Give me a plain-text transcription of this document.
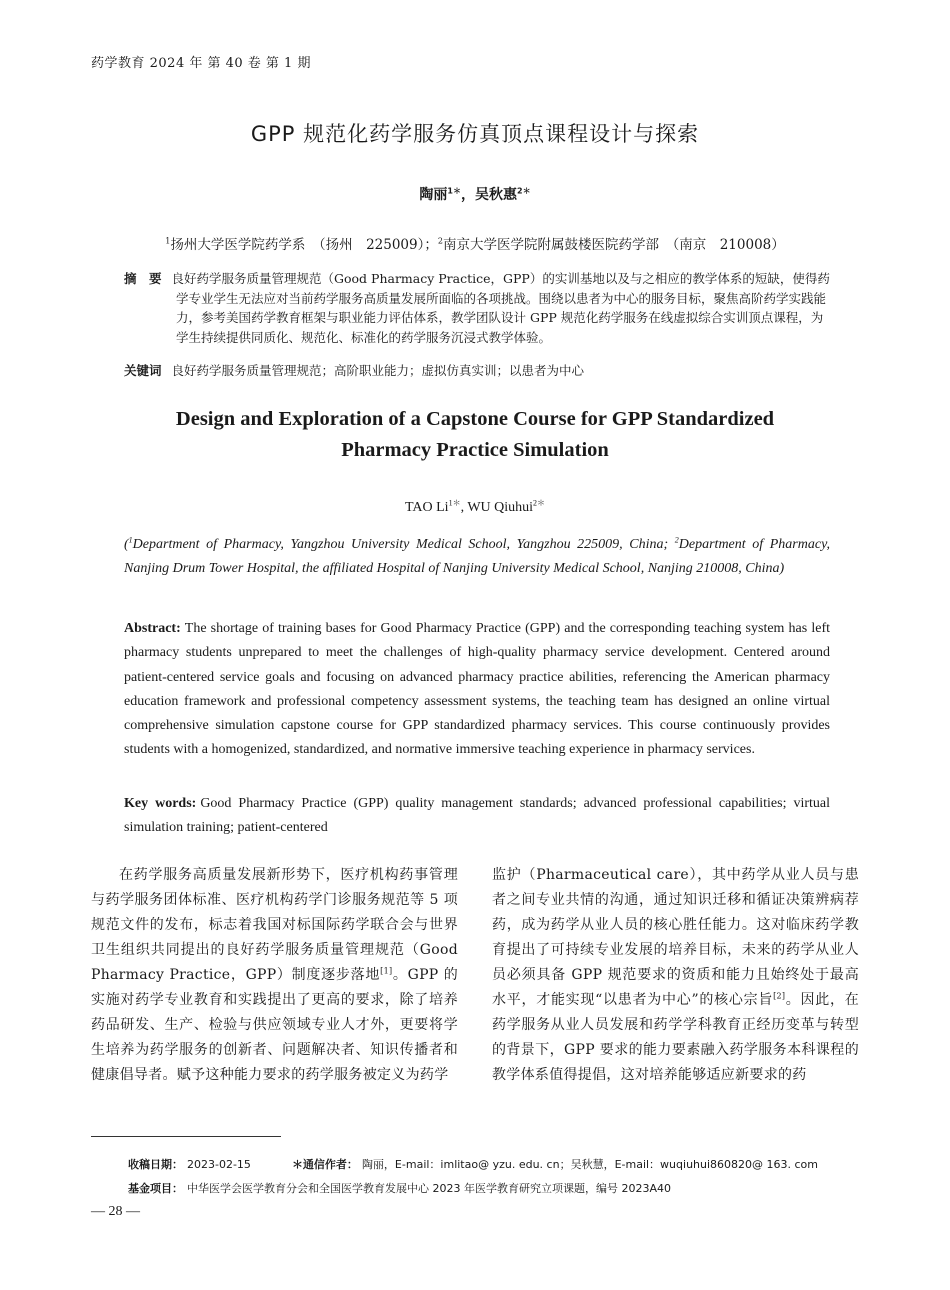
药学教育 2024 年 第 40 卷 第 1 期
GPP 规范化药学服务仿真顶点课程设计与探索
陶丽$^{1*}$，吴秋惠$^{2*}$
$^1$扬州大学医学院药学系　（扬州　225009）；$^2$南京大学医学院附属鼓楼医院药学部　（南京　210008）
摘　要 良好药学服务质量管理规范（Good Pharmacy Practice，GPP）的实训基地以及与之相应的教学体系的短缺，使得药学专业学生无法应对当前药学服务高质量发展所面临的各项挑战。围绕以患者为中心的服务目标，聚焦高阶药学实践能力，参考美国药学教育框架与职业能力评估体系，教学团队设计 GPP 规范化药学服务在线虚拟综合实训顶点课程，为学生持续提供同质化、规范化、标准化的药学服务沉浸式教学体验。
关键词 良好药学服务质量管理规范；高阶职业能力；虚拟仿真实训；以患者为中心
Design and Exploration of a Capstone Course for GPP Standardized
Pharmacy Practice Simulation
TAO $Li^{1*}$, WU Qiuhui$^{2*}$
($^1$Department of Pharmacy, Yangzhou University Medical School, Yangzhou 225009, China; $^2$Department of Pharmacy, Nanjing Drum Tower Hospital, the affiliated Hospital of Nanjing University Medical School, Nanjing 210008, China)
Abstract: The shortage of training bases for Good Pharmacy Practice (GPP) and the corresponding teaching system has left pharmacy students unprepared to meet the challenges of high-quality pharmacy service development. Centered around patient-centered service goals and focusing on advanced pharmacy practice abilities, referencing the American pharmacy education framework and professional competency assessment systems, the teaching team has designed an online virtual comprehensive simulation capstone course for GPP standardized pharmacy services. This course continuously provides students with a homogenized, standardized, and normative immersive teaching experience in pharmacy services.
Key words: Good Pharmacy Practice (GPP) quality management standards; advanced professional capabilities; virtual simulation training; patient-centered
在药学服务高质量发展新形势下，医疗机构药事管理与药学服务团体标准、医疗机构药学门诊服务规范等 5 项规范文件的发布，标志着我国对标国际药学联合会与世界卫生组织共同提出的良好药学服务质量管理规范（Good Pharmacy Practice，GPP）制度逐步落地[1]。GPP 的实施对药学专业教育和实践提出了更高的要求，除了培养药品研发、生产、检验与供应领域专业人才外，更要将学生培养为药学服务的创新者、问题解决者、知识传播者和健康倡导者。赋予这种能力要求的药学服务被定义为药学
监护（Pharmaceutical care），其中药学从业人员与患者之间专业共情的沟通，通过知识迁移和循证决策辨病荐药，成为药学从业人员的核心胜任能力。这对临床药学教育提出了可持续专业发展的培养目标，未来的药学从业人员必须具备 GPP 规范要求的资质和能力且始终处于最高水平，才能实现“以患者为中心”的核心宗旨[2]。因此，在药学服务从业人员发展和药学学科教育正经历变革与转型的背景下，GPP 要求的能力要素融入药学服务本科课程的教学体系值得提倡，这对培养能够适应新要求的药
收稿日期： 2023-02-15	＊通信作者： 陶丽，E-mail：imlitao@ yzu. edu. cn；吴秋慧，E-mail：wuqiuhui860820@ 163. com
基金项目： 中华医学会医学教育分会和全国医学教育发展中心 2023 年医学教育研究立项课题，编号 2023A40
— 28 —
